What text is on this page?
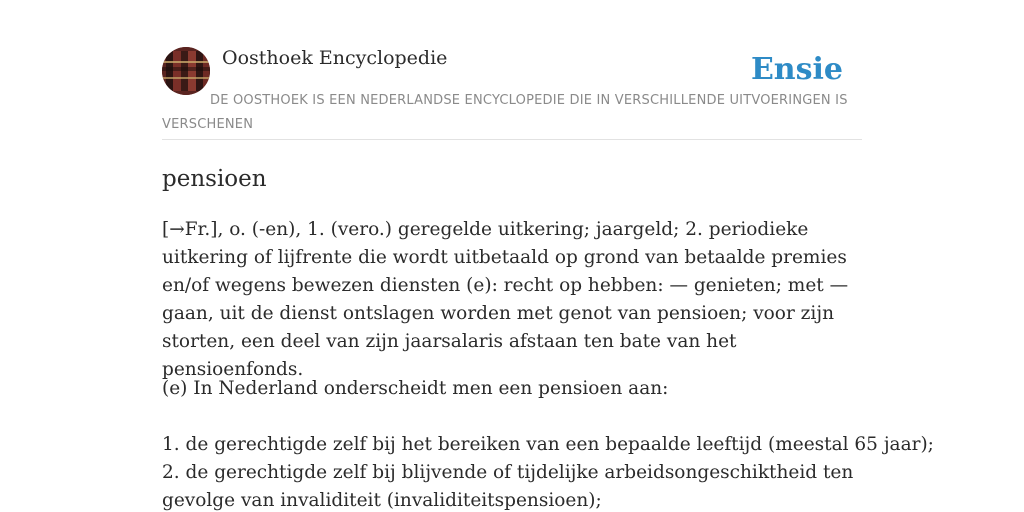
Oosthoek Encyclopedie	Ensie
DE OOSTHOEK IS EEN NEDERLANDSE ENCYCLOPEDIE DIE IN VERSCHILLENDE UITVOERINGEN IS VERSCHENEN
pensioen

[→Fr.], o. (-en), 1. (vero.) geregelde uitkering; jaargeld; 2. periodieke uitkering of lijfrente die wordt uitbetaald op grond van betaalde premies en/of wegens bewezen diensten (e): recht op hebben: — genieten; met — gaan, uit de dienst ontslagen worden met genot van pensioen; voor zijn storten, een deel van zijn jaarsalaris afstaan ten bate van het pensioenfonds.

(e) In Nederland onderscheidt men een pensioen aan:

1. de gerechtigde zelf bij het bereiken van een bepaalde leeftijd (meestal 65 jaar);
2. de gerechtigde zelf bij blijvende of tijdelijke arbeidsongeschiktheid ten gevolge van invaliditeit (invaliditeitspensioen);
